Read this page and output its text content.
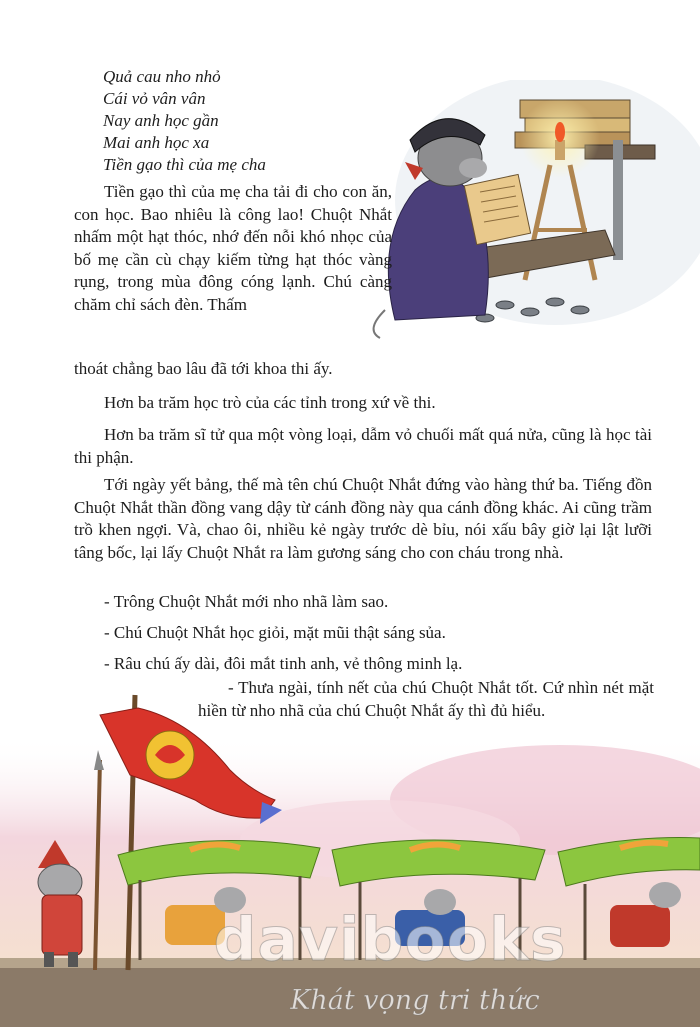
Quả cau nho nhỏ
Cái vỏ vân vân
Nay anh học gần
Mai anh học xa
Tiền gạo thì của mẹ cha

Tiền gạo thì của mẹ cha tải đi cho con ăn, con học. Bao nhiêu là công lao! Chuột Nhắt nhấm một hạt thóc, nhớ đến nỗi khó nhọc của bố mẹ cần cù chạy kiếm từng hạt thóc vàng rụng, trong mùa đông cóng lạnh. Chú càng chăm chỉ sách đèn. Thấm

thoát chẳng bao lâu đã tới khoa thi ấy.

Hơn ba trăm học trò của các tỉnh trong xứ về thi.

Hơn ba trăm sĩ tử qua một vòng loại, dẫm vỏ chuối mất quá nửa, cũng là học tài thi phận.

Tới ngày yết bảng, thế mà tên chú Chuột Nhắt đứng vào hàng thứ ba. Tiếng đồn Chuột Nhắt thần đồng vang dậy từ cánh đồng này qua cánh đồng khác. Ai cũng trầm trồ khen ngợi. Và, chao ôi, nhiều kẻ ngày trước dè bỉu, nói xấu bây giờ lại lật lưỡi tâng bốc, lại lấy Chuột Nhắt ra làm gương sáng cho con cháu trong nhà.

- Trông Chuột Nhắt mới nho nhã làm sao.

- Chú Chuột Nhắt học giỏi, mặt mũi thật sáng sủa.

- Râu chú ấy dài, đôi mắt tinh anh, vẻ thông minh lạ.

- Thưa ngài, tính nết của chú Chuột Nhắt tốt. Cứ nhìn nét mặt hiền từ nho nhã của chú Chuột Nhắt ấy thì đủ hiểu.

davibooks
Khát vọng tri thức
